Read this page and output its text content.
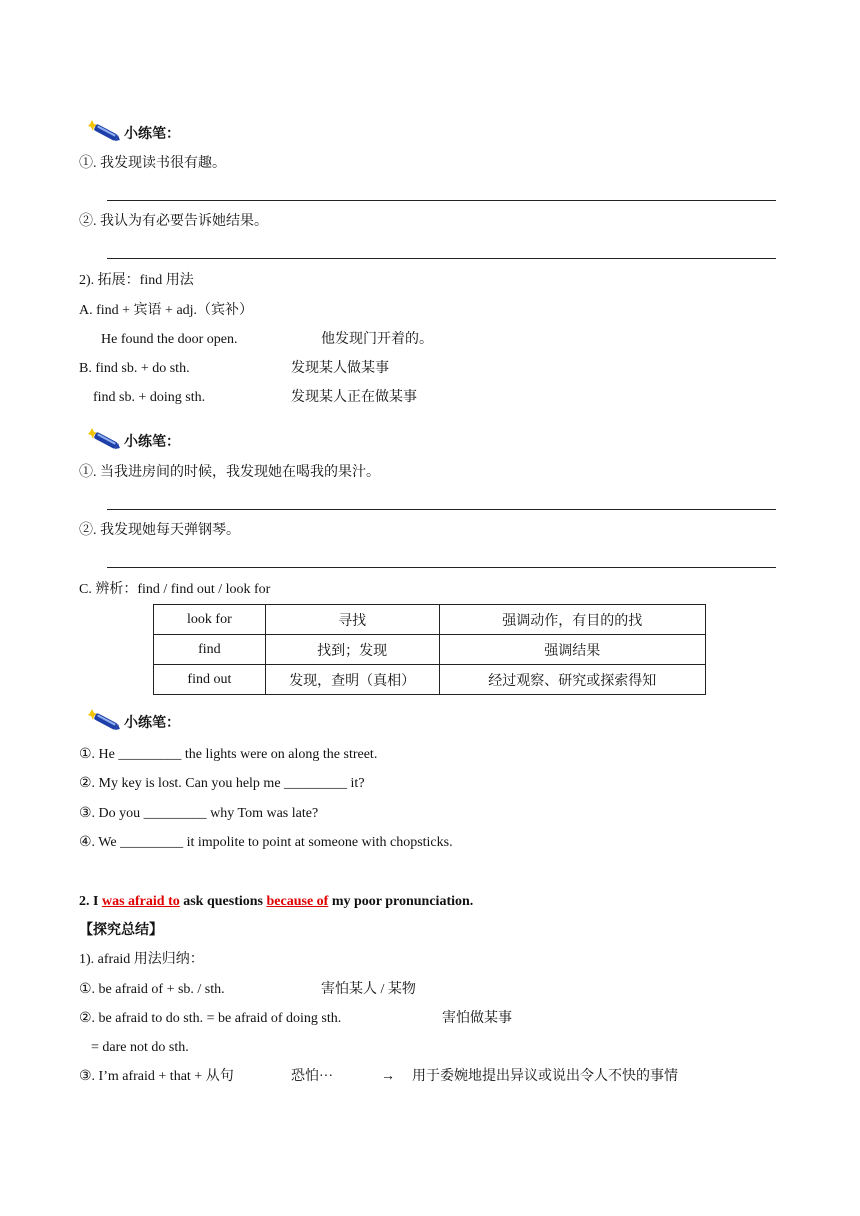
小练笔：
①. 我发现读书很有趣。
②. 我认为有必要告诉她结果。
2). 拓展：find 用法
A. find + 宾语 + adj.（宾补）
He found the door open.	他发现门开着的。
B. find sb. + do sth.	发现某人做某事
find sb. + doing sth.	发现某人正在做某事
小练笔：
①. 当我进房间的时候，我发现她在喝我的果汁。
②. 我发现她每天弹钢琴。
C. 辨析：find / find out / look for
look for	寻找	强调动作，有目的的找
find	找到；发现	强调结果
find out	发现，查明（真相）	经过观察、研究或探索得知
小练笔：
①. He _________ the lights were on along the street.
②. My key is lost. Can you help me _________ it?
③. Do you _________ why Tom was late?
④. We _________ it impolite to point at someone with chopsticks.
2. I was afraid to ask questions because of my poor pronunciation.
【探究总结】
1). afraid 用法归纳：
①. be afraid of + sb. / sth.	害怕某人 / 某物
②. be afraid to do sth. = be afraid of doing sth.	害怕做某事
= dare not do sth.
③. I’m afraid + that + 从句	恐怕···	→ 用于委婉地提出异议或说出令人不快的事情
